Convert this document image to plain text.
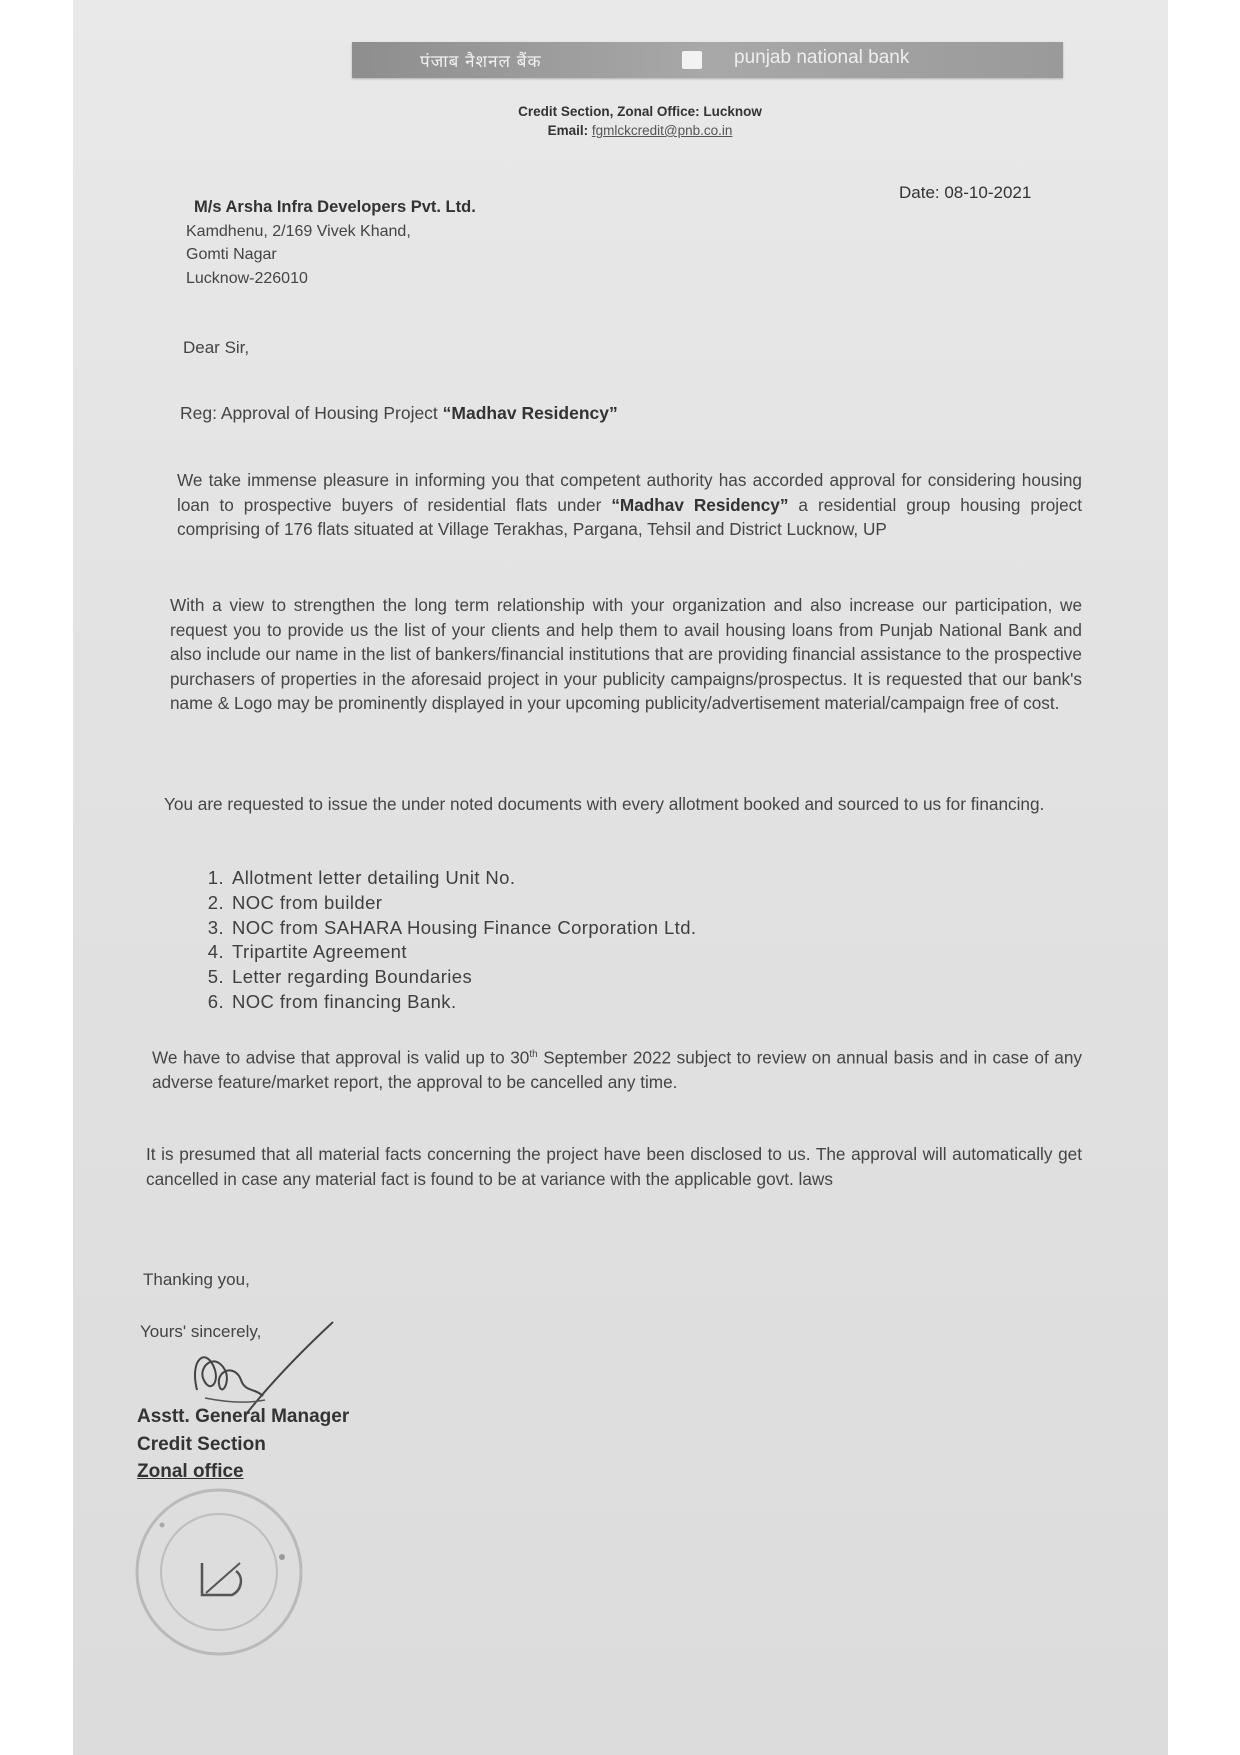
पंजाब नैशनल बैंक	punjab national bank
Credit Section, Zonal Office: Lucknow
Email: fgmlckcredit@pnb.co.in
Date: 08-10-2021
M/s Arsha Infra Developers Pvt. Ltd.
Kamdhenu, 2/169 Vivek Khand,
Gomti Nagar
Lucknow-226010
Dear Sir,
Reg: Approval of Housing Project “Madhav Residency”
We take immense pleasure in informing you that competent authority has accorded approval for considering housing loan to prospective buyers of residential flats under “Madhav Residency” a residential group housing project comprising of 176 flats situated at Village Terakhas, Pargana, Tehsil and District Lucknow, UP
With a view to strengthen the long term relationship with your organization and also increase our participation, we request you to provide us the list of your clients and help them to avail housing loans from Punjab National Bank and also include our name in the list of bankers/financial institutions that are providing financial assistance to the prospective purchasers of properties in the aforesaid project in your publicity campaigns/prospectus. It is requested that our bank's name & Logo may be prominently displayed in your upcoming publicity/advertisement material/campaign free of cost.
You are requested to issue the under noted documents with every allotment booked and sourced to us for financing.
1. Allotment letter detailing Unit No.
2. NOC from builder
3. NOC from SAHARA Housing Finance Corporation Ltd.
4. Tripartite Agreement
5. Letter regarding Boundaries
6. NOC from financing Bank.
We have to advise that approval is valid up to 30th September 2022 subject to review on annual basis and in case of any adverse feature/market report, the approval to be cancelled any time.
It is presumed that all material facts concerning the project have been disclosed to us. The approval will automatically get cancelled in case any material fact is found to be at variance with the applicable govt. laws
Thanking you,
Yours' sincerely,
Asstt. General Manager
Credit Section
Zonal office
